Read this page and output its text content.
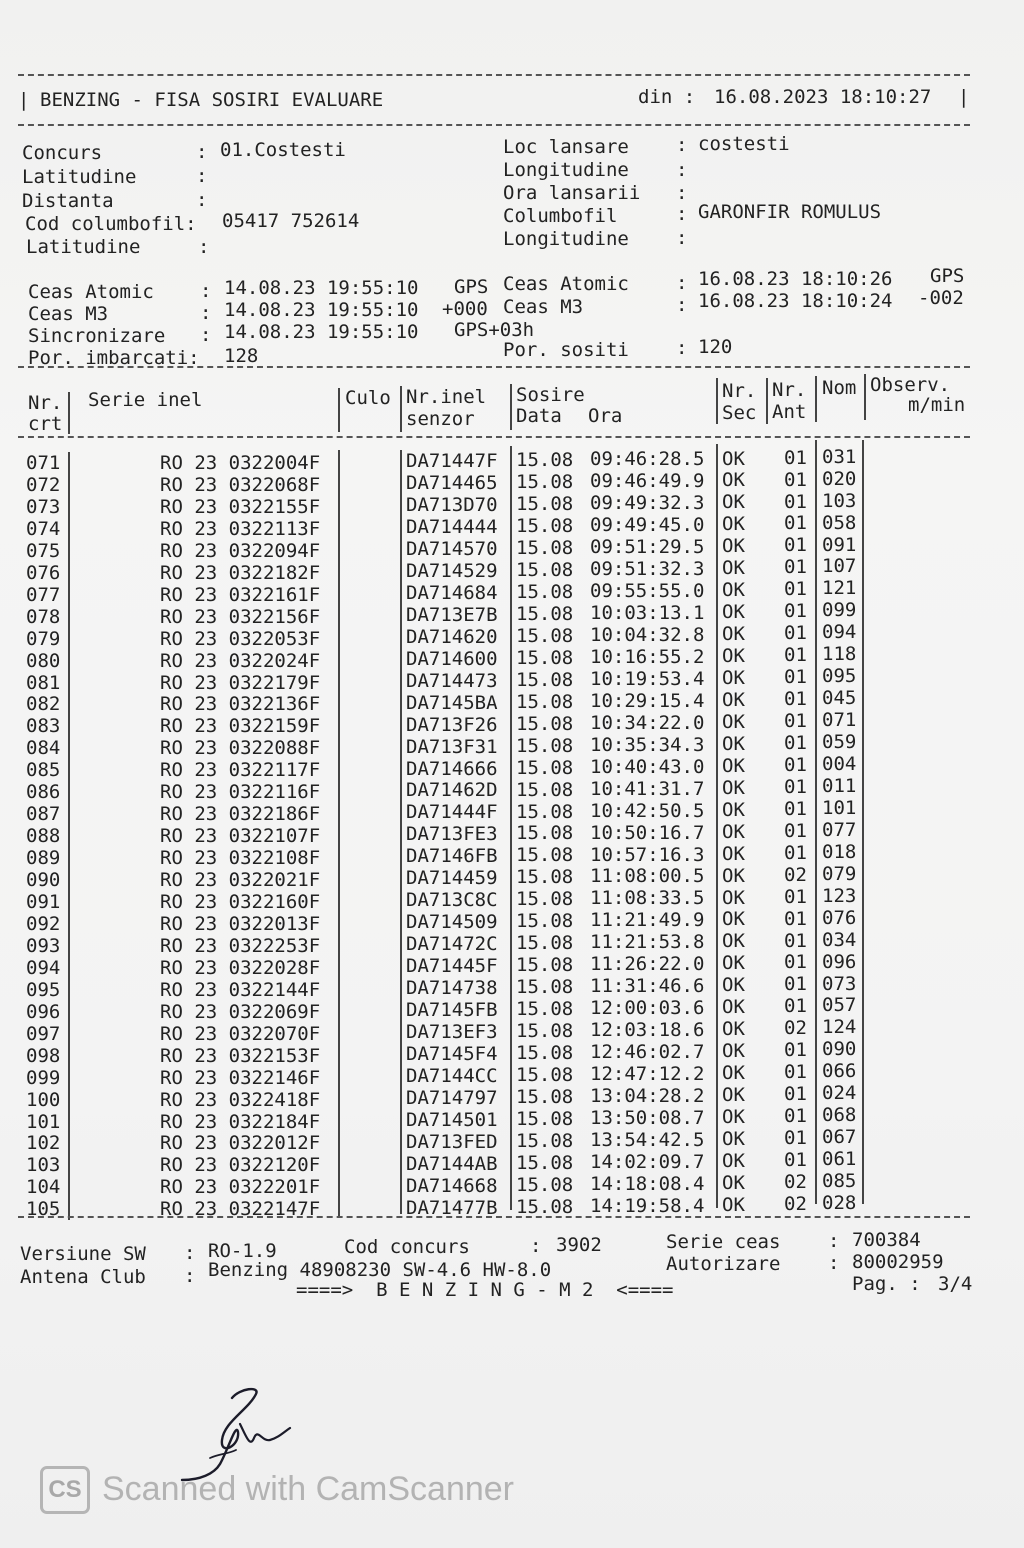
| BENZING - FISA SOSIRI EVALUARE	din : 16.08.2023 18:10:27 |
Concurs	: 01.Costesti
Latitudine	:
Distanta	:
Cod columbofil: 05417 752614
Latitudine	:
Loc lansare : costesti
Longitudine :
Ora lansarii :
Columbofil	: GARONFIR ROMULUS
Longitudine :
Ceas Atomic : 14.08.23 19:55:10 GPS
Ceas M3	: 14.08.23 19:55:10 +000
Sincronizare : 14.08.23 19:55:10 GPS+03h
Por. imbarcati: 128
Ceas Atomic : 16.08.23 18:10:26 GPS
Ceas M3	: 16.08.23 18:10:24 -002
Por. sositi : 120
Nr.
crt
Serie inel	Culo Nr.inel
senzor
Sosire
Data Ora
Nr.
Sec
Nr.
Ant
Nom Observ.
m/min
071	RO 23 0322004F	DA71447F 15.08 09:46:28.5 OK 01 031
072	RO 23 0322068F	DA714465 15.08 09:46:49.9 OK 01 020
073	RO 23 0322155F	DA713D70 15.08 09:49:32.3 OK 01 103
074	RO 23 0322113F	DA714444 15.08 09:49:45.0 OK 01 058
075	RO 23 0322094F	DA714570 15.08 09:51:29.5 OK 01 091
076	RO 23 0322182F	DA714529 15.08 09:51:32.3 OK 01 107
077	RO 23 0322161F	DA714684 15.08 09:55:55.0 OK 01 121
078	RO 23 0322156F	DA713E7B 15.08 10:03:13.1 OK 01 099
079	RO 23 0322053F	DA714620 15.08 10:04:32.8 OK 01 094
080	RO 23 0322024F	DA714600 15.08 10:16:55.2 OK 01 118
081	RO 23 0322179F	DA714473 15.08 10:19:53.4 OK 01 095
082	RO 23 0322136F	DA7145BA 15.08 10:29:15.4 OK 01 045
083	RO 23 0322159F	DA713F26 15.08 10:34:22.0 OK 01 071
084	RO 23 0322088F	DA713F31 15.08 10:35:34.3 OK 01 059
085	RO 23 0322117F	DA714666 15.08 10:40:43.0 OK 01 004
086	RO 23 0322116F	DA71462D 15.08 10:41:31.7 OK 01 011
087	RO 23 0322186F	DA71444F 15.08 10:42:50.5 OK 01 101
088	RO 23 0322107F	DA713FE3 15.08 10:50:16.7 OK 01 077
089	RO 23 0322108F	DA7146FB 15.08 10:57:16.3 OK 01 018
090	RO 23 0322021F	DA714459 15.08 11:08:00.5 OK 02 079
091	RO 23 0322160F	DA713C8C 15.08 11:08:33.5 OK 01 123
092	RO 23 0322013F	DA714509 15.08 11:21:49.9 OK 01 076
093	RO 23 0322253F	DA71472C 15.08 11:21:53.8 OK 01 034
094	RO 23 0322028F	DA71445F 15.08 11:26:22.0 OK 01 096
095	RO 23 0322144F	DA714738 15.08 11:31:46.6 OK 01 073
096	RO 23 0322069F	DA7145FB 15.08 12:00:03.6 OK 01 057
097	RO 23 0322070F	DA713EF3 15.08 12:03:18.6 OK 02 124
098	RO 23 0322153F	DA7145F4 15.08 12:46:02.7 OK 01 090
099	RO 23 0322146F	DA7144CC 15.08 12:47:12.2 OK 01 066
100	RO 23 0322418F	DA714797 15.08 13:04:28.2 OK 01 024
101	RO 23 0322184F	DA714501 15.08 13:50:08.7 OK 01 068
102	RO 23 0322012F	DA713FED 15.08 13:54:42.5 OK 01 067
103	RO 23 0322120F	DA7144AB 15.08 14:02:09.7 OK 01 061
104	RO 23 0322201F	DA714668 15.08 14:18:08.4 OK 02 085
105	RO 23 0322147F	DA71477B 15.08 14:19:58.4 OK 02 028
Versiune SW : RO-1.9	Cod concurs	: 3902	Serie ceas	: 700384
Antena Club : Benzing 48908230 SW-4.6 HW-8.0	Autorizare	: 80002959
====>  B E N Z I N G - M 2  <====	Pag. : 3/4
CS Scanned with CamScanner
